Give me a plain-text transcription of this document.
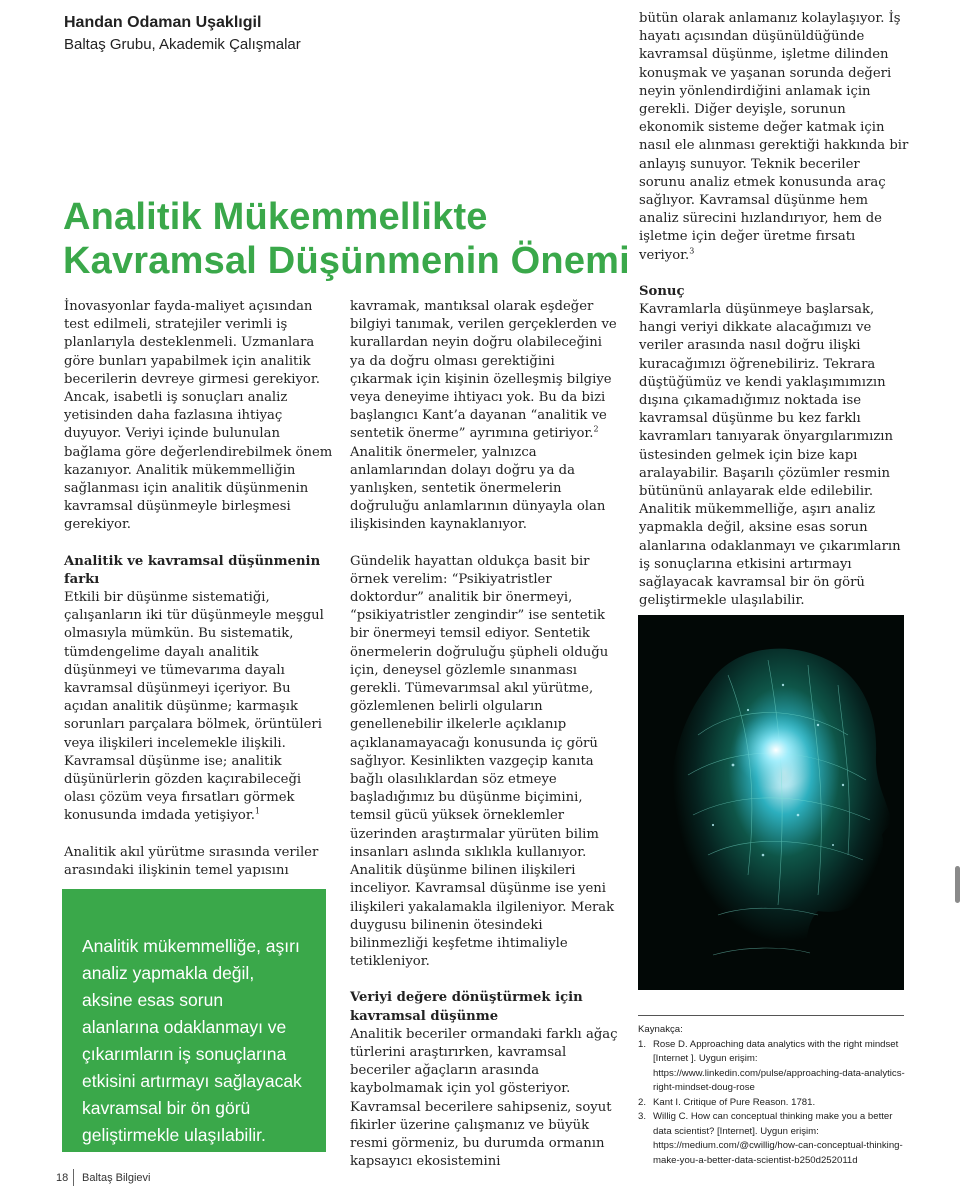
Handan Odaman Uşaklıgil
Baltaş Grubu, Akademik Çalışmalar
Analitik Mükemmellikte
Kavramsal Düşünmenin Önemi

İnovasyonlar fayda-maliyet açısından test edilmeli, stratejiler verimli iş planlarıyla desteklenmeli. Uzmanlara göre bunları yapabilmek için analitik becerilerin devreye girmesi gerekiyor. Ancak, isabetli iş sonuçları analiz yetisinden daha fazlasına ihtiyaç duyuyor. Veriyi içinde bulunulan bağlama göre değerlendirebilmek önem kazanıyor. Analitik mükemmelliğin sağlanması için analitik düşünmenin kavramsal düşünmeyle birleşmesi gerekiyor.

Analitik ve kavramsal düşünmenin farkı

Etkili bir düşünme sistematiği, çalışanların iki tür düşünmeyle meşgul olmasıyla mümkün. Bu sistematik, tümdengelime dayalı analitik düşünmeyi ve tümevarıma dayalı kavramsal düşünmeyi içeriyor. Bu açıdan analitik düşünme; karmaşık sorunları parçalara bölmek, örüntüleri veya ilişkileri incelemekle ilişkili. Kavramsal düşünme ise; analitik düşünürlerin gözden kaçırabileceği olası çözüm veya fırsatları görmek konusunda imdada yetişiyor.$^1$

Analitik akıl yürütme sırasında veriler arasındaki ilişkinin temel yapısını

Analitik mükemmelliğe, aşırı analiz yapmakla değil, aksine esas sorun alanlarına odaklanmayı ve çıkarımların iş sonuçlarına etkisini artırmayı sağlayacak kavramsal bir ön görü geliştirmekle ulaşılabilir.

kavramak, mantıksal olarak eşdeğer bilgiyi tanımak, verilen gerçeklerden ve kurallardan neyin doğru olabileceğini ya da doğru olması gerektiğini çıkarmak için kişinin özelleşmiş bilgiye veya deneyime ihtiyacı yok. Bu da bizi başlangıcı Kant’a dayanan “analitik ve sentetik önerme” ayrımına getiriyor.$^2$ Analitik önermeler, yalnızca anlamlarından dolayı doğru ya da yanlışken, sentetik önermelerin doğruluğu anlamlarının dünyayla olan ilişkisinden kaynaklanıyor.

Gündelik hayattan oldukça basit bir örnek verelim: “Psikiyatristler doktordur” analitik bir önermeyi, “psikiyatristler zengindir” ise sentetik bir önermeyi temsil ediyor. Sentetik önermelerin doğruluğu şüpheli olduğu için, deneysel gözlemle sınanması gerekli. Tümevarımsal akıl yürütme, gözlemlenen belirli olguların genellenebilir ilkelerle açıklanıp açıklanamayacağı konusunda iç görü sağlıyor. Kesinlikten vazgeçip kanıta bağlı olasılıklardan söz etmeye başladığımız bu düşünme biçimini, temsil gücü yüksek örneklemler üzerinden araştırmalar yürüten bilim insanları aslında sıklıkla kullanıyor. Analitik düşünme bilinen ilişkileri inceliyor. Kavramsal düşünme ise yeni ilişkileri yakalamakla ilgileniyor. Merak duygusu bilinenin ötesindeki bilinmezliği keşfetme ihtimaliyle tetikleniyor.

Veriyi değere dönüştürmek için kavramsal düşünme

Analitik beceriler ormandaki farklı ağaç türlerini araştırırken, kavramsal beceriler ağaçların arasında kaybolmamak için yol gösteriyor. Kavramsal becerilere sahipseniz, soyut fikirler üzerine çalışmanız ve büyük resmi görmeniz, bu durumda ormanın kapsayıcı ekosistemini

bütün olarak anlamanız kolaylaşıyor. İş hayatı açısından düşünüldüğünde kavramsal düşünme, işletme dilinden konuşmak ve yaşanan sorunda değeri neyin yönlendirdiğini anlamak için gerekli. Diğer deyişle, sorunun ekonomik sisteme değer katmak için nasıl ele alınması gerektiği hakkında bir anlayış sunuyor. Teknik beceriler sorunu analiz etmek konusunda araç sağlıyor. Kavramsal düşünme hem analiz sürecini hızlandırıyor, hem de işletme için değer üretme fırsatı veriyor.$^3$

Sonuç

Kavramlarla düşünmeye başlarsak, hangi veriyi dikkate alacağımızı ve veriler arasında nasıl doğru ilişki kuracağımızı öğrenebiliriz. Tekrara düştüğümüz ve kendi yaklaşımımızın dışına çıkamadığımız noktada ise kavramsal düşünme bu kez farklı kavramları tanıyarak önyargılarımızın üstesinden gelmek için bize kapı aralayabilir. Başarılı çözümler resmin bütününü anlayarak elde edilebilir. Analitik mükemmelliğe, aşırı analiz yapmakla değil, aksine esas sorun alanlarına odaklanmayı ve çıkarımların iş sonuçlarına etkisini artırmayı sağlayacak kavramsal bir ön görü geliştirmekle ulaşılabilir.

Kaynakça:
1. Rose D. Approaching data analytics with the right mindset [Internet ]. Uygun erişim: https://www.linkedin.com/pulse/approaching-data-analytics-right-mindset-doug-rose
2. Kant I. Critique of Pure Reason. 1781.
3. Willig C. How can conceptual thinking make you a better data scientist? [Internet]. Uygun erişim: https://medium.com/@cwillig/how-can-conceptual-thinking-make-you-a-better-data-scientist-b250d252011d
18 Baltaş Bilgievi
